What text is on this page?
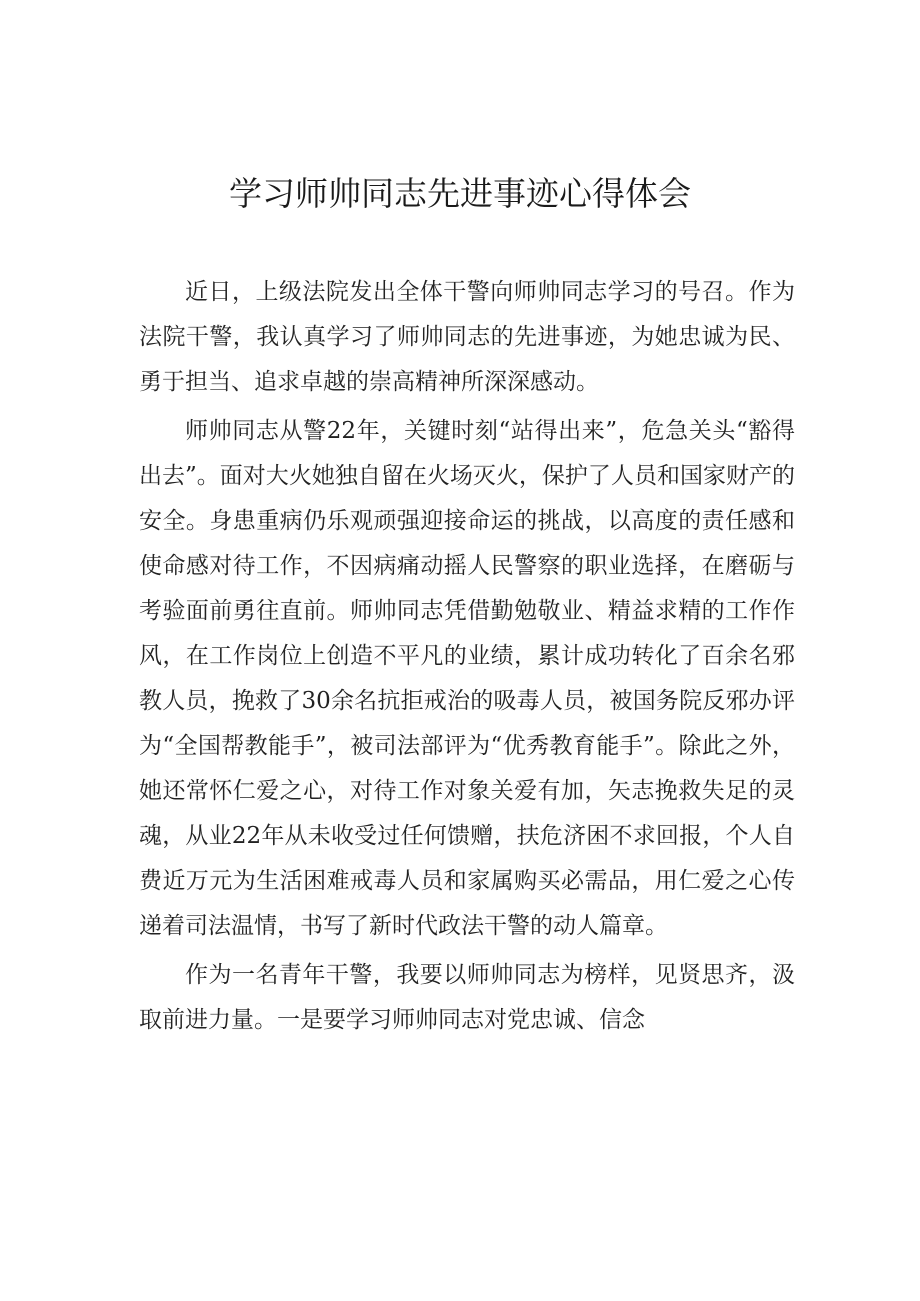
学习师帅同志先进事迹心得体会

近日，上级法院发出全体干警向师帅同志学习的号召。作为法院干警，我认真学习了师帅同志的先进事迹，为她忠诚为民、勇于担当、追求卓越的崇高精神所深深感动。

师帅同志从警22年，关键时刻“站得出来”，危急关头“豁得出去”。面对大火她独自留在火场灭火，保护了人员和国家财产的安全。身患重病仍乐观顽强迎接命运的挑战，以高度的责任感和使命感对待工作，不因病痛动摇人民警察的职业选择，在磨砺与考验面前勇往直前。师帅同志凭借勤勉敬业、精益求精的工作作风，在工作岗位上创造不平凡的业绩，累计成功转化了百余名邪教人员，挽救了30余名抗拒戒治的吸毒人员，被国务院反邪办评为“全国帮教能手”，被司法部评为“优秀教育能手”。除此之外，她还常怀仁爱之心，对待工作对象关爱有加，矢志挽救失足的灵魂，从业22年从未收受过任何馈赠，扶危济困不求回报，个人自费近万元为生活困难戒毒人员和家属购买必需品，用仁爱之心传递着司法温情，书写了新时代政法干警的动人篇章。

作为一名青年干警，我要以师帅同志为榜样，见贤思齐，汲取前进力量。一是要学习师帅同志对党忠诚、信念
